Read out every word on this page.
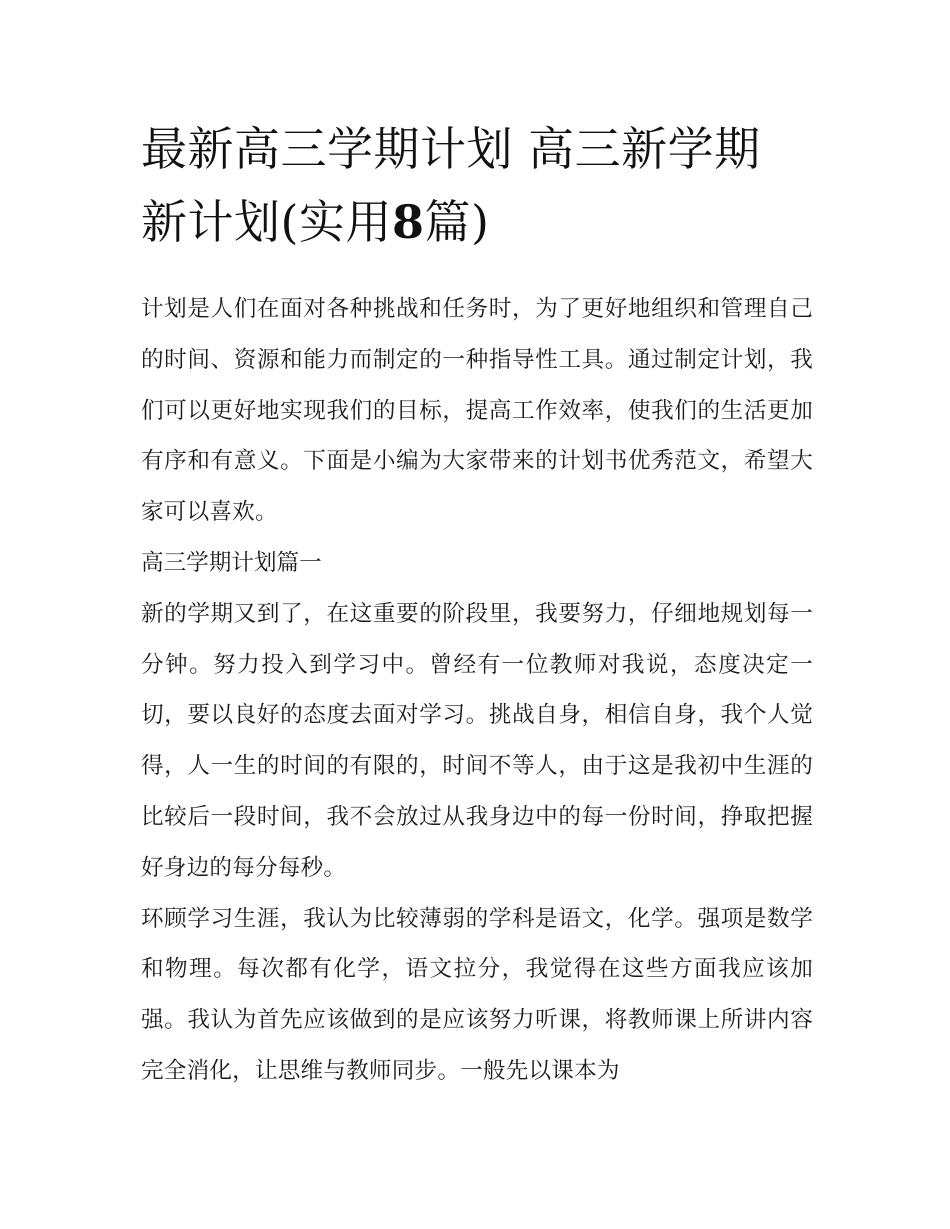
最新高三学期计划 高三新学期
新计划(实用8篇)

计划是人们在面对各种挑战和任务时，为了更好地组织和管理自己的时间、资源和能力而制定的一种指导性工具。通过制定计划，我们可以更好地实现我们的目标，提高工作效率，使我们的生活更加有序和有意义。下面是小编为大家带来的计划书优秀范文，希望大家可以喜欢。

高三学期计划篇一

新的学期又到了，在这重要的阶段里，我要努力，仔细地规划每一分钟。努力投入到学习中。曾经有一位教师对我说，态度决定一切，要以良好的态度去面对学习。挑战自身，相信自身，我个人觉得，人一生的时间的有限的，时间不等人，由于这是我初中生涯的比较后一段时间，我不会放过从我身边中的每一份时间，挣取把握好身边的每分每秒。

环顾学习生涯，我认为比较薄弱的学科是语文，化学。强项是数学和物理。每次都有化学，语文拉分，我觉得在这些方面我应该加强。我认为首先应该做到的是应该努力听课，将教师课上所讲内容完全消化，让思维与教师同步。一般先以课本为
